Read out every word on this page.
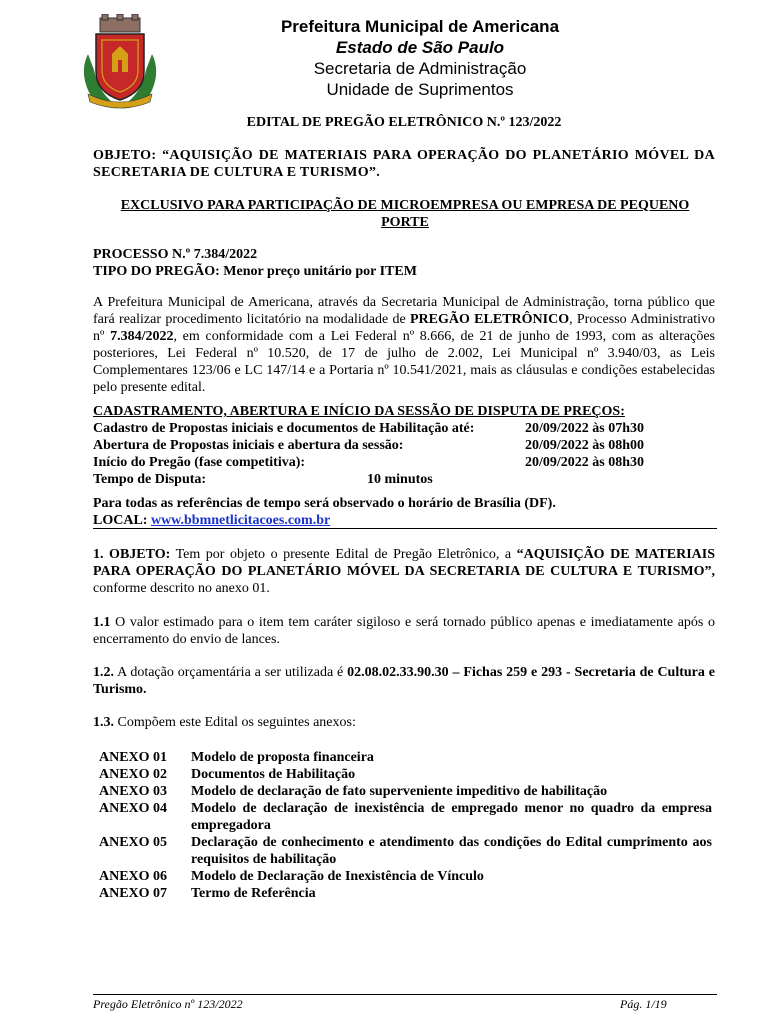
Prefeitura Municipal de Americana
Estado de São Paulo
Secretaria de Administração
Unidade de Suprimentos
EDITAL DE PREGÃO ELETRÔNICO N.º 123/2022
OBJETO: “AQUISIÇÃO DE MATERIAIS PARA OPERAÇÃO DO PLANETÁRIO MÓVEL DA SECRETARIA DE CULTURA E TURISMO”.
EXCLUSIVO PARA PARTICIPAÇÃO DE MICROEMPRESA OU EMPRESA DE PEQUENO PORTE
PROCESSO N.º 7.384/2022
TIPO DO PREGÃO: Menor preço unitário por ITEM
A Prefeitura Municipal de Americana, através da Secretaria Municipal de Administração, torna público que fará realizar procedimento licitatório na modalidade de PREGÃO ELETRÔNICO, Processo Administrativo nº 7.384/2022, em conformidade com a Lei Federal nº 8.666, de 21 de junho de 1993, com as alterações posteriores, Lei Federal nº 10.520, de 17 de julho de 2.002, Lei Municipal nº 3.940/03, as Leis Complementares 123/06 e LC 147/14 e a Portaria nº 10.541/2021, mais as cláusulas e condições estabelecidas pelo presente edital.
CADASTRAMENTO, ABERTURA E INÍCIO DA SESSÃO DE DISPUTA DE PREÇOS:
Cadastro de Propostas iniciais e documentos de Habilitação até:	20/09/2022 às 07h30
Abertura de Propostas iniciais e abertura da sessão:	20/09/2022 às 08h00
Início do Pregão (fase competitiva):	20/09/2022 às 08h30
Tempo de Disputa:	10 minutos
Para todas as referências de tempo será observado o horário de Brasília (DF).
LOCAL: www.bbmnetlicitacoes.com.br
1. OBJETO: Tem por objeto o presente Edital de Pregão Eletrônico, a “AQUISIÇÃO DE MATERIAIS PARA OPERAÇÃO DO PLANETÁRIO MÓVEL DA SECRETARIA DE CULTURA E TURISMO”, conforme descrito no anexo 01.
1.1 O valor estimado para o item tem caráter sigiloso e será tornado público apenas e imediatamente após o encerramento do envio de lances.
1.2. A dotação orçamentária a ser utilizada é 02.08.02.33.90.30 – Fichas 259 e 293 - Secretaria de Cultura e Turismo.
1.3. Compõem este Edital os seguintes anexos:
ANEXO 01 Modelo de proposta financeira
ANEXO 02 Documentos de Habilitação
ANEXO 03 Modelo de declaração de fato superveniente impeditivo de habilitação
ANEXO 04 Modelo de declaração de inexistência de empregado menor no quadro da empresa empregadora
ANEXO 05 Declaração de conhecimento e atendimento das condições do Edital cumprimento aos requisitos de habilitação
ANEXO 06 Modelo de Declaração de Inexistência de Vínculo
ANEXO 07 Termo de Referência
Pregão Eletrônico nº 123/2022	Pág. 1/19
